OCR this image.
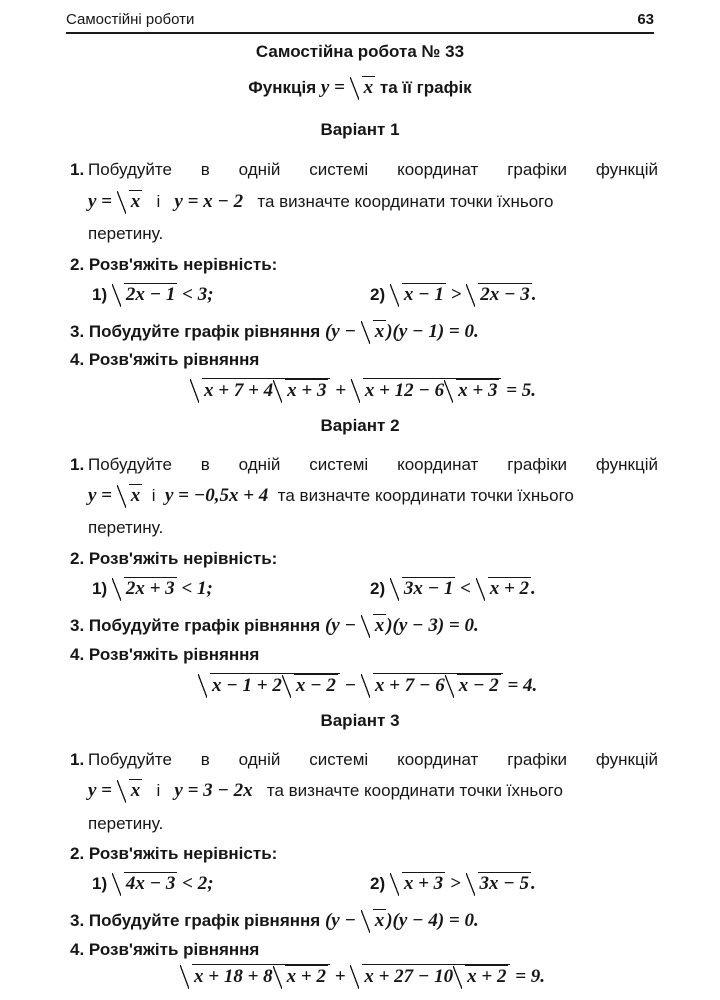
Самостійні роботи	63
Самостійна робота № 33
Функція y = x та її графік
Варіант 1
1. Побудуйте в одній системі координат графіки функцій
y = x і y = x − 2 та визначте координати точки їхнього
перетину.
2. Розв'яжіть нерівність:
1) 2x − 1 < 3;	2) x − 1 > 2x − 3 .
3. Побудуйте графік рівняння (y − x )(y − 1) = 0.
4. Розв'яжіть рівняння
x + 7 + 4 x + 3 + x + 12 − 6 x + 3 = 5.
Варіант 2
1. Побудуйте в одній системі координат графіки функцій
y = x і y = −0,5x + 4 та визначте координати точки їхнього
перетину.
2. Розв'яжіть нерівність:
1) 2x + 3 < 1;	2) 3x − 1 < x + 2 .
3. Побудуйте графік рівняння (y − x )(y − 3) = 0.
4. Розв'яжіть рівняння
x − 1 + 2 x − 2 − x + 7 − 6 x − 2 = 4.
Варіант 3
1. Побудуйте в одній системі координат графіки функцій
y = x і y = 3 − 2x та визначте координати точки їхнього
перетину.
2. Розв'яжіть нерівність:
1) 4x − 3 < 2;	2) x + 3 > 3x − 5 .
3. Побудуйте графік рівняння (y − x )(y − 4) = 0.
4. Розв'яжіть рівняння
x + 18 + 8 x + 2 + x + 27 − 10 x + 2 = 9.
